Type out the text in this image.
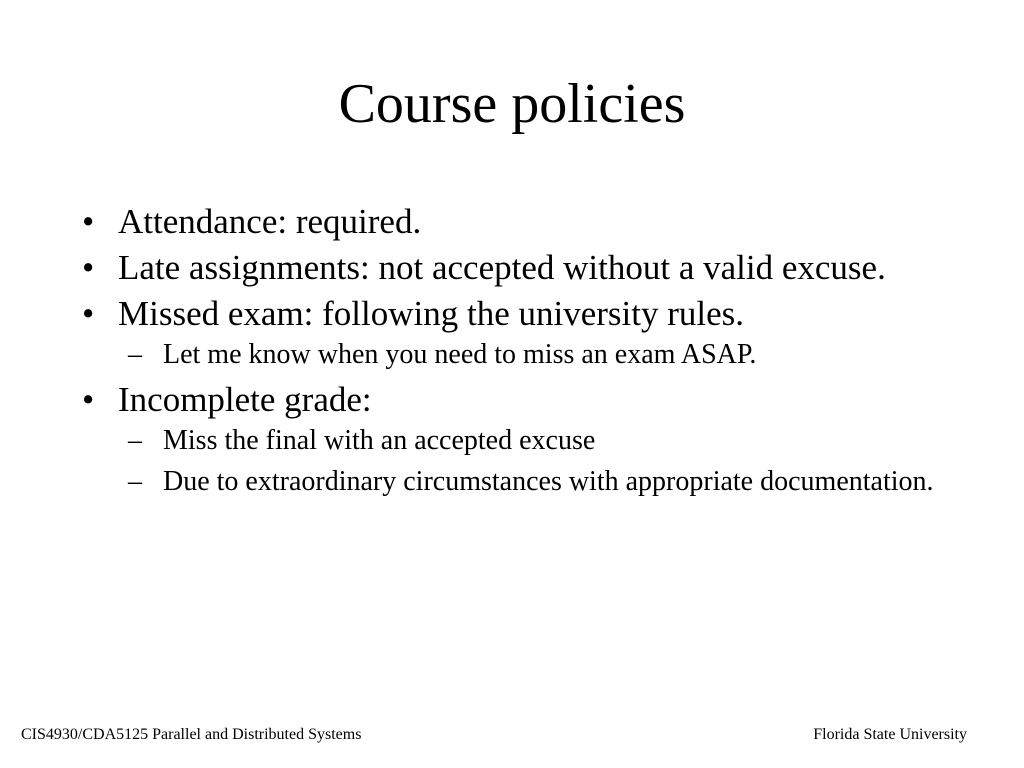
Course policies
• Attendance: required.
• Late assignments: not accepted without a valid excuse.
• Missed exam: following the university rules.
– Let me know when you need to miss an exam ASAP.
• Incomplete grade:
– Miss the final with an accepted excuse
– Due to extraordinary circumstances with appropriate documentation.
CIS4930/CDA5125 Parallel and Distributed Systems	Florida State University
